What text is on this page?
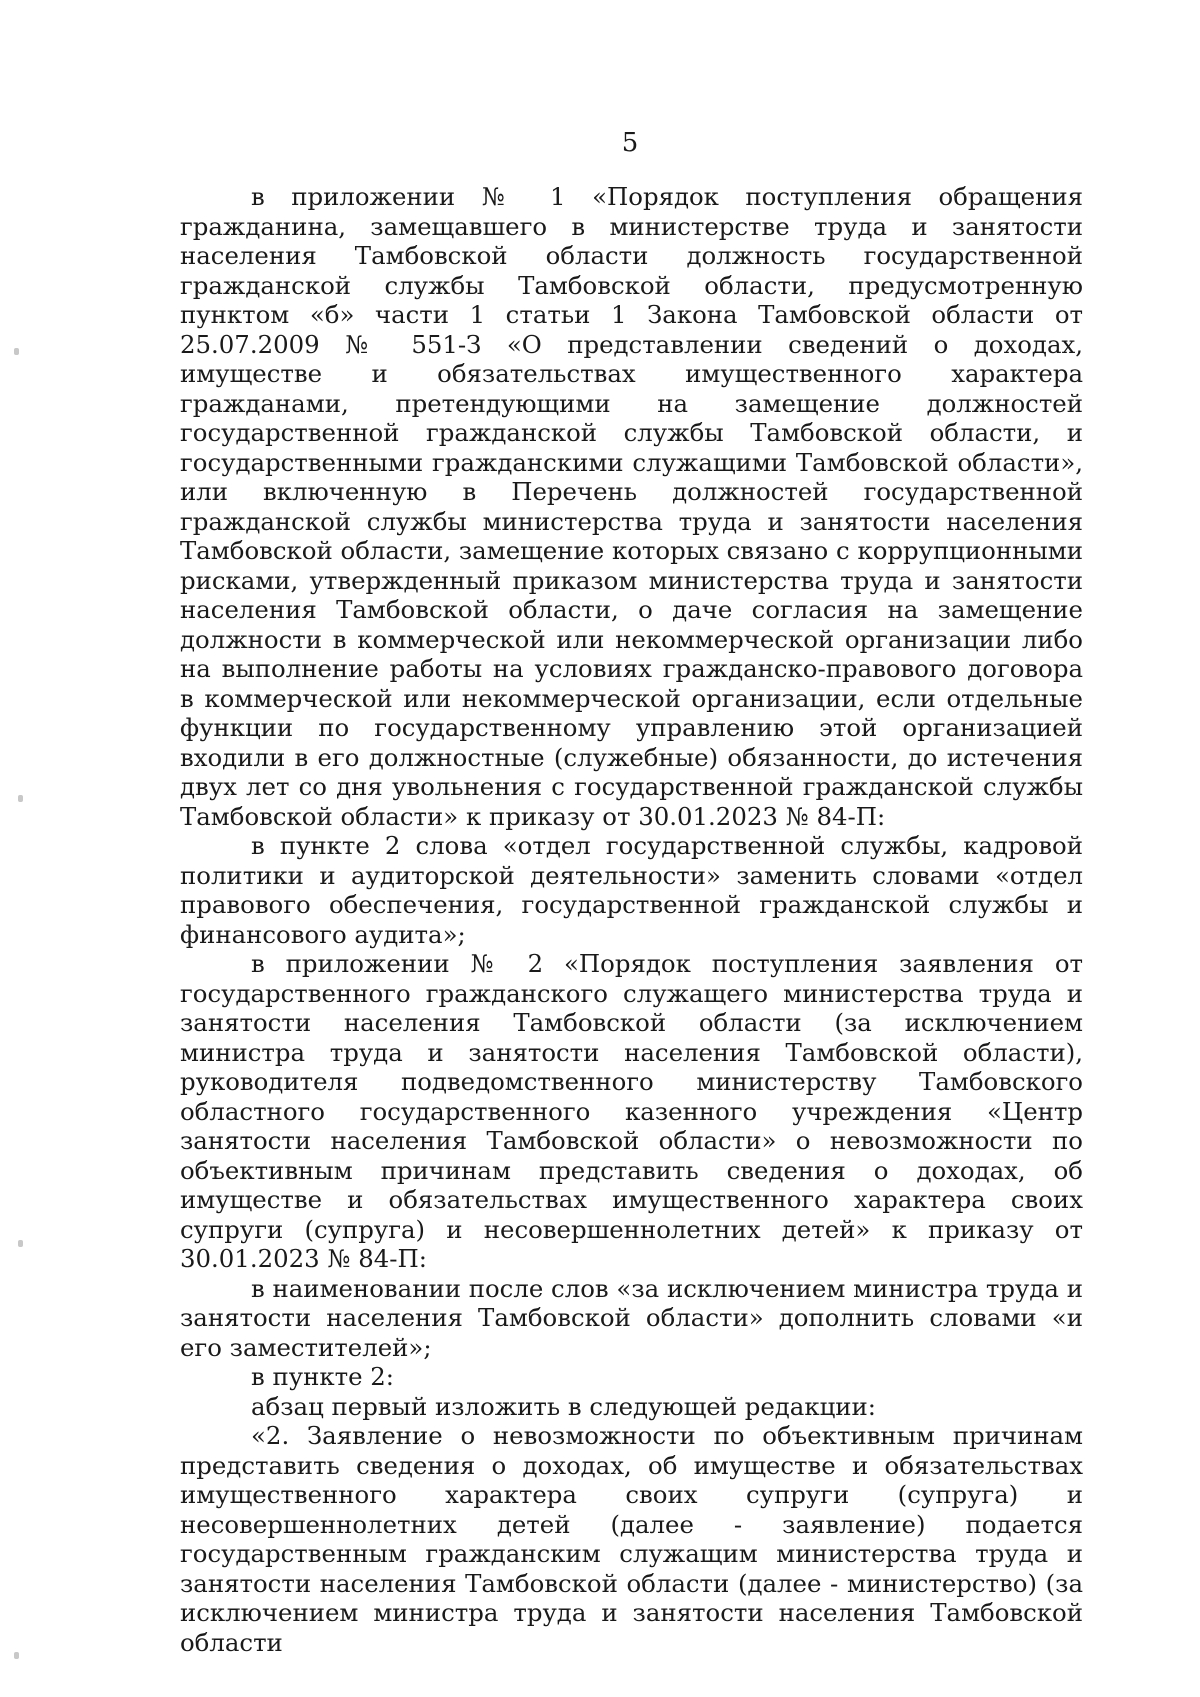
5

в приложении № 1 «Порядок поступления обращения гражданина, замещавшего в министерстве труда и занятости населения Тамбовской области должность государственной гражданской службы Тамбовской области, предусмотренную пунктом «б» части 1 статьи 1 Закона Тамбовской области от 25.07.2009 № 551-З «О представлении сведений о доходах, имуществе и обязательствах имущественного характера гражданами, претендующими на замещение должностей государственной гражданской службы Тамбовской области, и государственными гражданскими служащими Тамбовской области», или включенную в Перечень должностей государственной гражданской службы министерства труда и занятости населения Тамбовской области, замещение которых связано с коррупционными рисками, утвержденный приказом министерства труда и занятости населения Тамбовской области, о даче согласия на замещение должности в коммерческой или некоммерческой организации либо на выполнение работы на условиях гражданско-правового договора в коммерческой или некоммерческой организации, если отдельные функции по государственному управлению этой организацией входили в его должностные (служебные) обязанности, до истечения двух лет со дня увольнения с государственной гражданской службы Тамбовской области» к приказу от 30.01.2023 № 84-П:

в пункте 2 слова «отдел государственной службы, кадровой политики и аудиторской деятельности» заменить словами «отдел правового обеспечения, государственной гражданской службы и финансового аудита»;

в приложении № 2 «Порядок поступления заявления от государственного гражданского служащего министерства труда и занятости населения Тамбовской области (за исключением министра труда и занятости населения Тамбовской области), руководителя подведомственного министерству Тамбовского областного государственного казенного учреждения «Центр занятости населения Тамбовской области» о невозможности по объективным причинам представить сведения о доходах, об имуществе и обязательствах имущественного характера своих супруги (супруга) и несовершеннолетних детей» к приказу от 30.01.2023 № 84-П:

в наименовании после слов «за исключением министра труда и занятости населения Тамбовской области» дополнить словами «и его заместителей»;

в пункте 2:

абзац первый изложить в следующей редакции:

«2. Заявление о невозможности по объективным причинам представить сведения о доходах, об имуществе и обязательствах имущественного характера своих супруги (супруга) и несовершеннолетних детей (далее - заявление) подается государственным гражданским служащим министерства труда и занятости населения Тамбовской области (далее - министерство) (за исключением министра труда и занятости населения Тамбовской области
